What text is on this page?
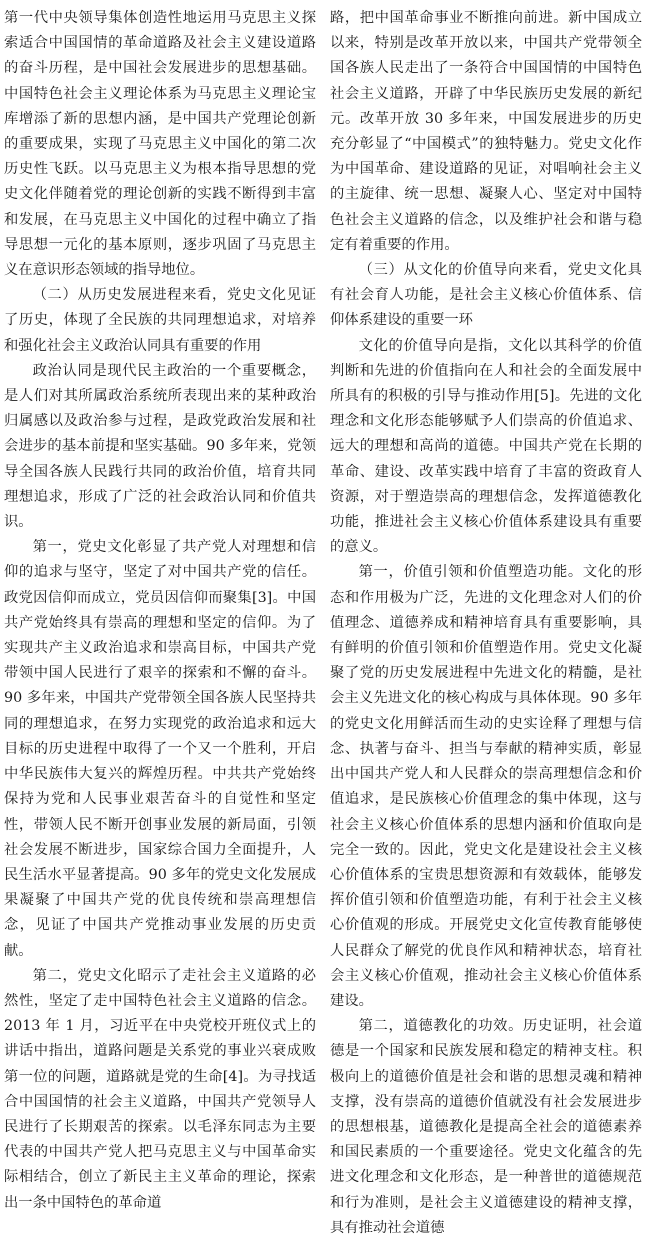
第一代中央领导集体创造性地运用马克思主义探索适合中国国情的革命道路及社会主义建设道路的奋斗历程，是中国社会发展进步的思想基础。中国特色社会主义理论体系为马克思主义理论宝库增添了新的思想内涵，是中国共产党理论创新的重要成果，实现了马克思主义中国化的第二次历史性飞跃。以马克思主义为根本指导思想的党史文化伴随着党的理论创新的实践不断得到丰富和发展，在马克思主义中国化的过程中确立了指导思想一元化的基本原则，逐步巩固了马克思主义在意识形态领域的指导地位。

（二）从历史发展进程来看，党史文化见证了历史，体现了全民族的共同理想追求，对培养和强化社会主义政治认同具有重要的作用

政治认同是现代民主政治的一个重要概念，是人们对其所属政治系统所表现出来的某种政治归属感以及政治参与过程，是政党政治发展和社会进步的基本前提和坚实基础。90 多年来，党领导全国各族人民践行共同的政治价值，培育共同理想追求，形成了广泛的社会政治认同和价值共识。

第一，党史文化彰显了共产党人对理想和信仰的追求与坚守，坚定了对中国共产党的信任。政党因信仰而成立，党员因信仰而聚集[3]。中国共产党始终具有崇高的理想和坚定的信仰。为了实现共产主义政治追求和崇高目标，中国共产党带领中国人民进行了艰辛的探索和不懈的奋斗。90 多年来，中国共产党带领全国各族人民坚持共同的理想追求，在努力实现党的政治追求和远大目标的历史进程中取得了一个又一个胜利，开启中华民族伟大复兴的辉煌历程。中共共产党始终保持为党和人民事业艰苦奋斗的自觉性和坚定性，带领人民不断开创事业发展的新局面，引领社会发展不断进步，国家综合国力全面提升，人民生活水平显著提高。90 多年的党史文化发展成果凝聚了中国共产党的优良传统和崇高理想信念，见证了中国共产党推动事业发展的历史贡献。

第二，党史文化昭示了走社会主义道路的必然性，坚定了走中国特色社会主义道路的信念。2013 年 1 月，习近平在中央党校开班仪式上的讲话中指出，道路问题是关系党的事业兴衰成败第一位的问题，道路就是党的生命[4]。为寻找适合中国国情的社会主义道路，中国共产党领导人民进行了长期艰苦的探索。以毛泽东同志为主要代表的中国共产党人把马克思主义与中国革命实际相结合，创立了新民主主义革命的理论，探索出一条中国特色的革命道

路，把中国革命事业不断推向前进。新中国成立以来，特别是改革开放以来，中国共产党带领全国各族人民走出了一条符合中国国情的中国特色社会主义道路，开辟了中华民族历史发展的新纪元。改革开放 30 多年来，中国发展进步的历史充分彰显了“中国模式”的独特魅力。党史文化作为中国革命、建设道路的见证，对唱响社会主义的主旋律、统一思想、凝聚人心、坚定对中国特色社会主义道路的信念，以及维护社会和谐与稳定有着重要的作用。

（三）从文化的价值导向来看，党史文化具有社会育人功能，是社会主义核心价值体系、信仰体系建设的重要一环

文化的价值导向是指，文化以其科学的价值判断和先进的价值指向在人和社会的全面发展中所具有的积极的引导与推动作用[5]。先进的文化理念和文化形态能够赋予人们崇高的价值追求、远大的理想和高尚的道德。中国共产党在长期的革命、建设、改革实践中培育了丰富的资政育人资源，对于塑造崇高的理想信念，发挥道德教化功能，推进社会主义核心价值体系建设具有重要的意义。

第一，价值引领和价值塑造功能。文化的形态和作用极为广泛，先进的文化理念对人们的价值理念、道德养成和精神培育具有重要影响，具有鲜明的价值引领和价值塑造作用。党史文化凝聚了党的历史发展进程中先进文化的精髓，是社会主义先进文化的核心构成与具体体现。90 多年的党史文化用鲜活而生动的史实诠释了理想与信念、执著与奋斗、担当与奉献的精神实质，彰显出中国共产党人和人民群众的崇高理想信念和价值追求，是民族核心价值理念的集中体现，这与社会主义核心价值体系的思想内涵和价值取向是完全一致的。因此，党史文化是建设社会主义核心价值体系的宝贵思想资源和有效载体，能够发挥价值引领和价值塑造功能，有利于社会主义核心价值观的形成。开展党史文化宣传教育能够使人民群众了解党的优良作风和精神状态，培育社会主义核心价值观，推动社会主义核心价值体系建设。

第二，道德教化的功效。历史证明，社会道德是一个国家和民族发展和稳定的精神支柱。积极向上的道德价值是社会和谐的思想灵魂和精神支撑，没有崇高的道德价值就没有社会发展进步的思想根基，道德教化是提高全社会的道德素养和国民素质的一个重要途径。党史文化蕴含的先进文化理念和文化形态，是一种普世的道德规范和行为准则，是社会主义道德建设的精神支撑，具有推动社会道德
